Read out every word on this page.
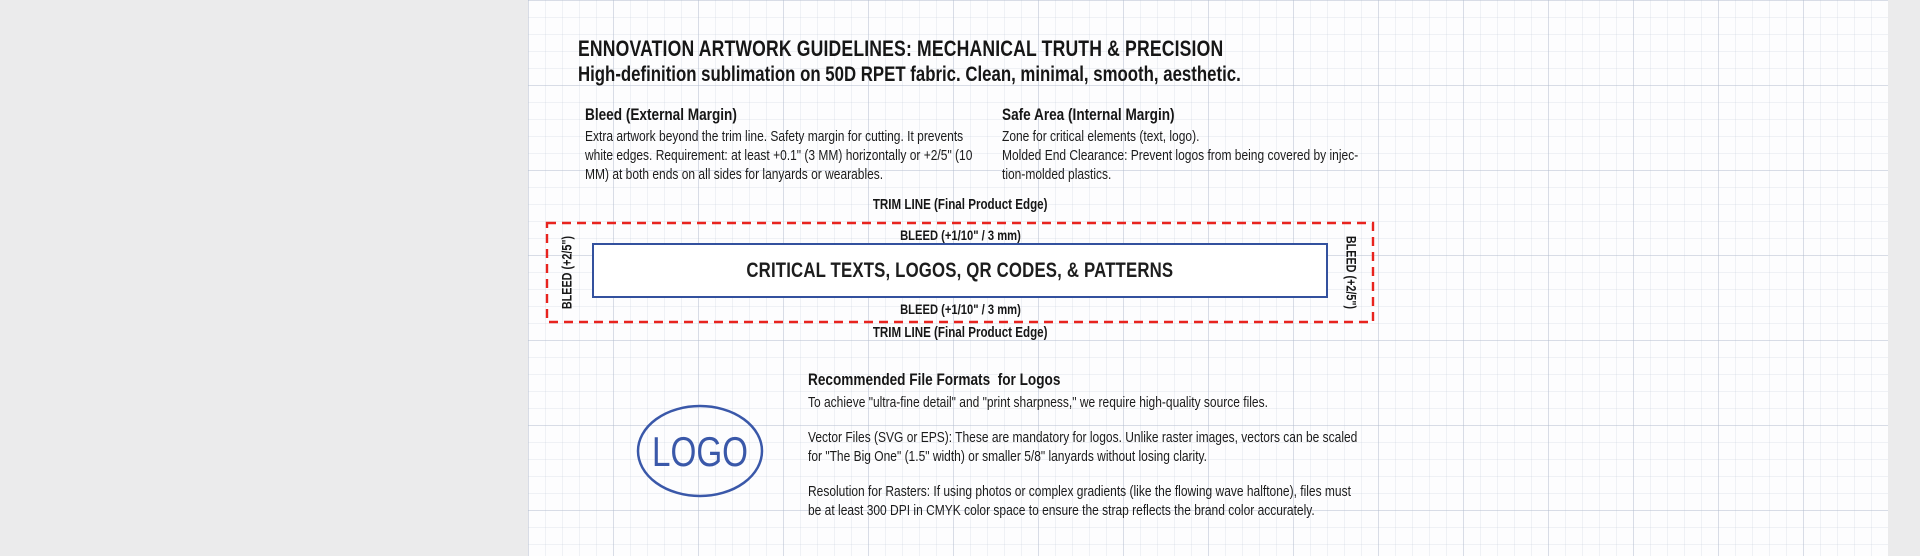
ENNOVATION ARTWORK GUIDELINES: MECHANICAL TRUTH & PRECISION
High-definition sublimation on 50D RPET fabric. Clean, minimal, smooth, aesthetic.
Bleed (External Margin)
Extra artwork beyond the trim line. Safety margin for cutting. It prevents
white edges. Requirement: at least +0.1" (3 MM) horizontally or +2/5" (10
MM) at both ends on all sides for lanyards or wearables.
Safe Area (Internal Margin)
Zone for critical elements (text, logo).
Molded End Clearance: Prevent logos from being covered by injec-
tion-molded plastics.
TRIM LINE (Final Product Edge)
BLEED (+1/10" / 3 mm)
CRITICAL TEXTS, LOGOS, QR CODES, & PATTERNS
BLEED (+2/5")	BLEED (+2/5")
BLEED (+1/10" / 3 mm)
TRIM LINE (Final Product Edge)
LOGO
Recommended File Formats  for Logos

To achieve "ultra-fine detail" and "print sharpness," we require high-quality source files.

Vector Files (SVG or EPS): These are mandatory for logos. Unlike raster images, vectors can be scaled
for "The Big One" (1.5" width) or smaller 5/8" lanyards without losing clarity.

Resolution for Rasters: If using photos or complex gradients (like the flowing wave halftone), files must
be at least 300 DPI in CMYK color space to ensure the strap reflects the brand color accurately.
